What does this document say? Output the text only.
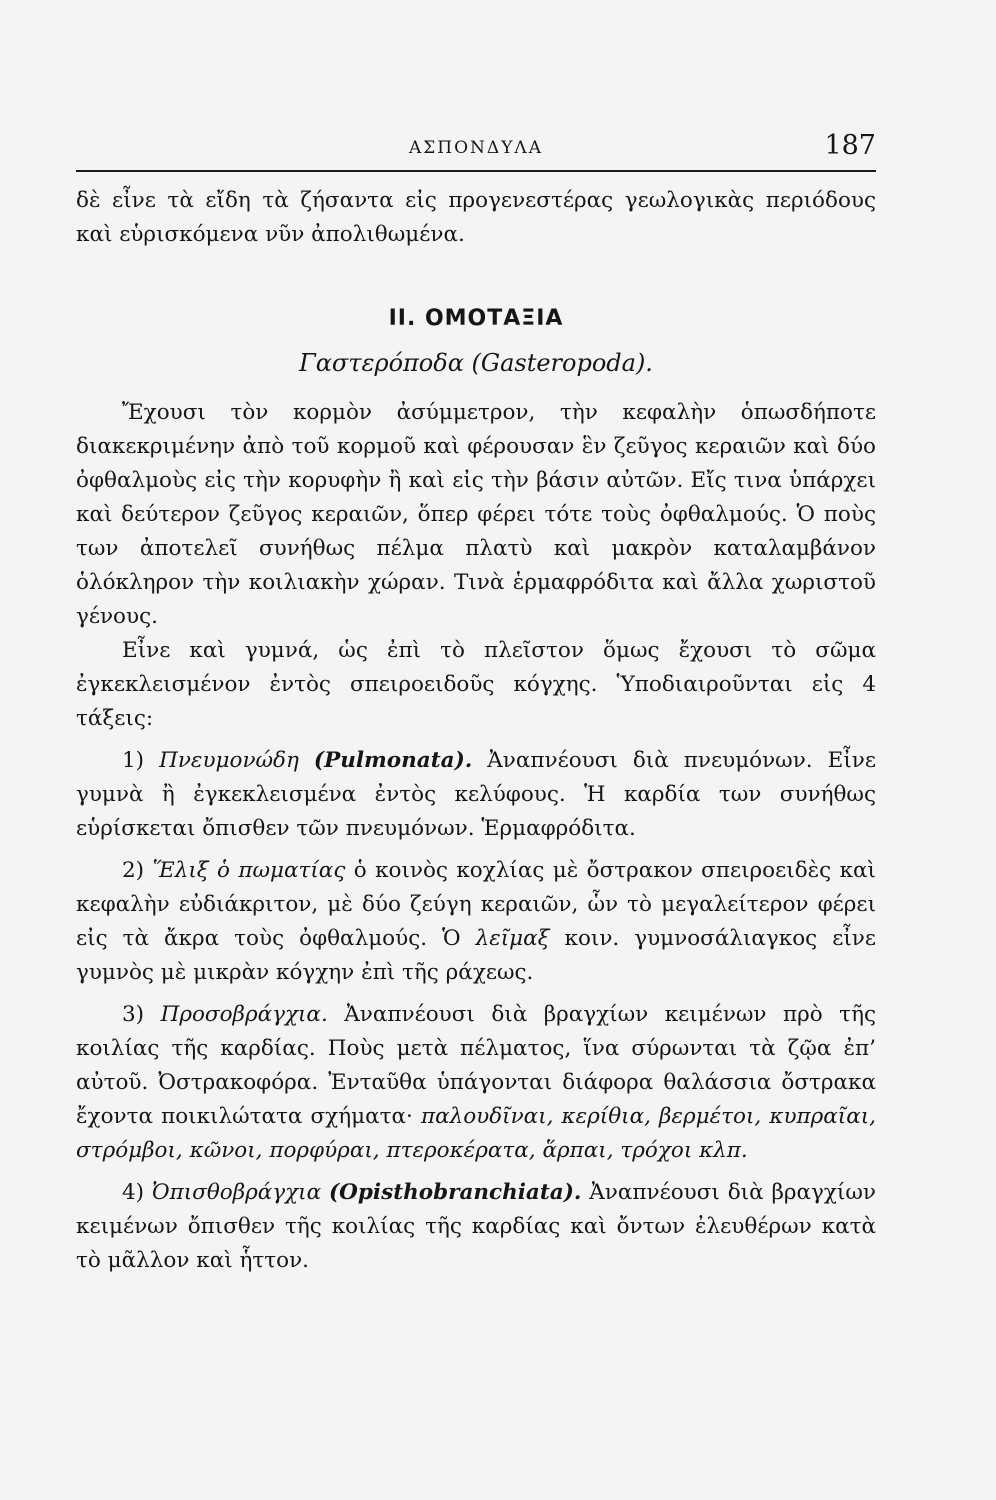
ΑΣΠΟΝΔΥΛΑ	187

δὲ εἶνε τὰ εἴδη τὰ ζήσαντα εἰς προγενεστέρας γεωλογικὰς περιόδους καὶ εὑρισκόμενα νῦν ἀπολιθωμένα.

ΙΙ. ΟΜΟΤΑΞΙΑ
Γαστερόποδα (Gasteropoda).

Ἔχουσι τὸν κορμὸν ἀσύμμετρον, τὴν κεφαλὴν ὁπωσδήποτε διακεκριμένην ἀπὸ τοῦ κορμοῦ καὶ φέρουσαν ἓν ζεῦγος κεραιῶν καὶ δύο ὀφθαλμοὺς εἰς τὴν κορυφὴν ἢ καὶ εἰς τὴν βάσιν αὐτῶν. Εἴς τινα ὑπάρχει καὶ δεύτερον ζεῦγος κεραιῶν, ὅπερ φέρει τότε τοὺς ὀφθαλμούς. Ὁ ποὺς των ἀποτελεῖ συνήθως πέλμα πλατὺ καὶ μακρὸν καταλαμβάνον ὁλόκληρον τὴν κοιλιακὴν χώραν. Τινὰ ἑρμαφρόδιτα καὶ ἄλλα χωριστοῦ γένους.

Εἶνε καὶ γυμνά, ὡς ἐπὶ τὸ πλεῖστον ὅμως ἔχουσι τὸ σῶμα ἐγκεκλεισμένον ἐντὸς σπειροειδοῦς κόγχης. Ὑποδιαιροῦνται εἰς 4 τάξεις:

1) Πνευμονώδη (Pulmonata). Ἀναπνέουσι διὰ πνευμόνων. Εἶνε γυμνὰ ἢ ἐγκεκλεισμένα ἐντὸς κελύφους. Ἡ καρδία των συνήθως εὑρίσκεται ὄπισθεν τῶν πνευμόνων. Ἑρμαφρόδιτα.

2) Ἕλιξ ὁ πωματίας ὁ κοινὸς κοχλίας μὲ ὄστρακον σπειροειδὲς καὶ κεφαλὴν εὐδιάκριτον, μὲ δύο ζεύγη κεραιῶν, ὧν τὸ μεγαλείτερον φέρει εἰς τὰ ἄκρα τοὺς ὀφθαλμούς. Ὁ λεῖμαξ κοιν. γυμνοσάλιαγκος εἶνε γυμνὸς μὲ μικρὰν κόγχην ἐπὶ τῆς ράχεως.

3) Προσοβράγχια. Ἀναπνέουσι διὰ βραγχίων κειμένων πρὸ τῆς κοιλίας τῆς καρδίας. Ποὺς μετὰ πέλματος, ἵνα σύρωνται τὰ ζῷα ἐπ’ αὐτοῦ. Ὀστρακοφόρα. Ἐνταῦθα ὑπάγονται διάφορα θαλάσσια ὄστρακα ἔχοντα ποικιλώτατα σχήματα· παλουδῖναι, κερίθια, βερμέτοι, κυπραῖαι, στρόμβοι, κῶνοι, πορφύραι, πτεροκέρατα, ἅρπαι, τρόχοι κλπ.

4) Ὀπισθοβράγχια (Opisthobranchiata). Ἀναπνέουσι διὰ βραγχίων κειμένων ὄπισθεν τῆς κοιλίας τῆς καρδίας καὶ ὄντων ἐλευθέρων κατὰ τὸ μᾶλλον καὶ ἧττον.
